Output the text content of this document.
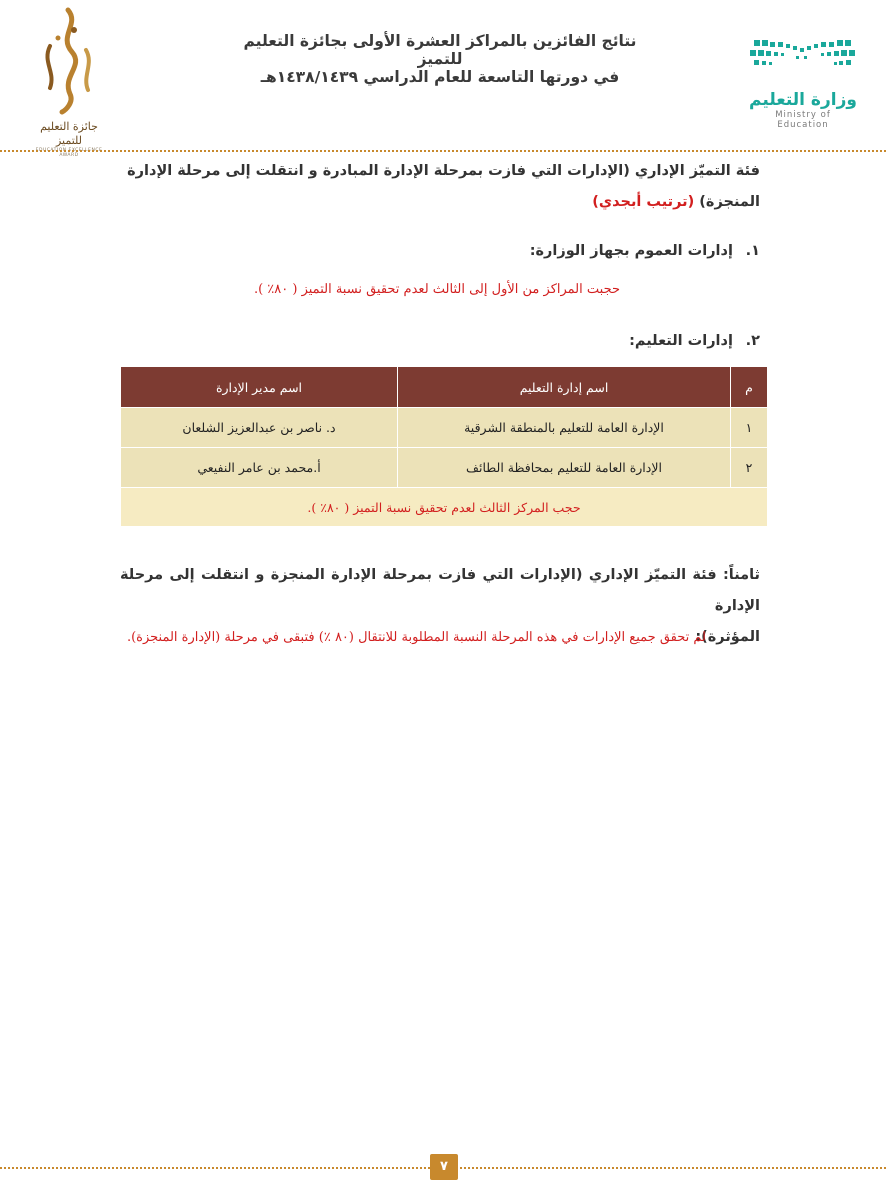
وزارة التعليم
Ministry of Education
نتائج الفائزين بالمراكز العشرة الأولى بجائزة التعليم للتميز
في دورتها التاسعة للعام الدراسي ١٤٣٨/١٤٣٩هـ
جائزة التعليم للتميز
EDUCATION EXCELLENCE AWARD
فئة التميّز الإداري (الإدارات التي فازت بمرحلة الإدارة المبادرة و انتقلت إلى مرحلة الإدارة
المنجزة) (ترتيب أبجدي)
١. إدارات العموم بجهاز الوزارة:
حجبت المراكز من الأول إلى الثالث لعدم تحقيق نسبة التميز ( ٨٠٪ ).
٢. إدارات التعليم:
م	اسم إدارة التعليم	اسم مدير الإدارة
١	الإدارة العامة للتعليم بالمنطقة الشرقية	د. ناصر بن عبدالعزيز الشلعان
٢	الإدارة العامة للتعليم بمحافظة الطائف	أ.محمد بن عامر النفيعي
حجب المركز الثالث لعدم تحقيق نسبة التميز ( ٨٠٪ ).		
ثامناً: فئة التميّز الإداري (الإدارات التي فازت بمرحلة الإدارة المنجزة و انتقلت إلى مرحلة الإدارة
المؤثرة):
لم تحقق جميع الإدارات في هذه المرحلة النسبة المطلوبة للانتقال (٨٠ ٪) فتبقى في مرحلة (الإدارة المنجزة).
٧
